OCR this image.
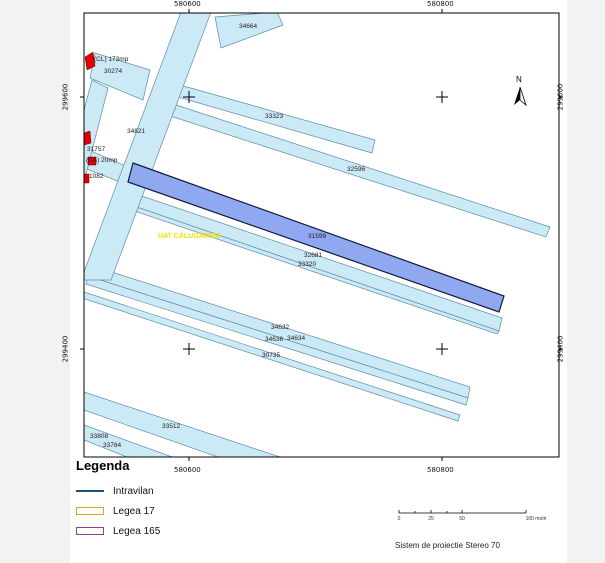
580600	580800
580600	580800
299600
299400
299600
299400
N
34664
30274
34821
31757
33323
32596
31599
32681
33320
34632
34634
34636
30735
33512
33808
33784
(CL) 173mp
(CA) 20mp
1082
UAT CĂLUGĂRENI
Legenda
Intravilan
Legea 17
Legea 165
0	25	50	100 metri
Sistem de proiectie Stereo 70
